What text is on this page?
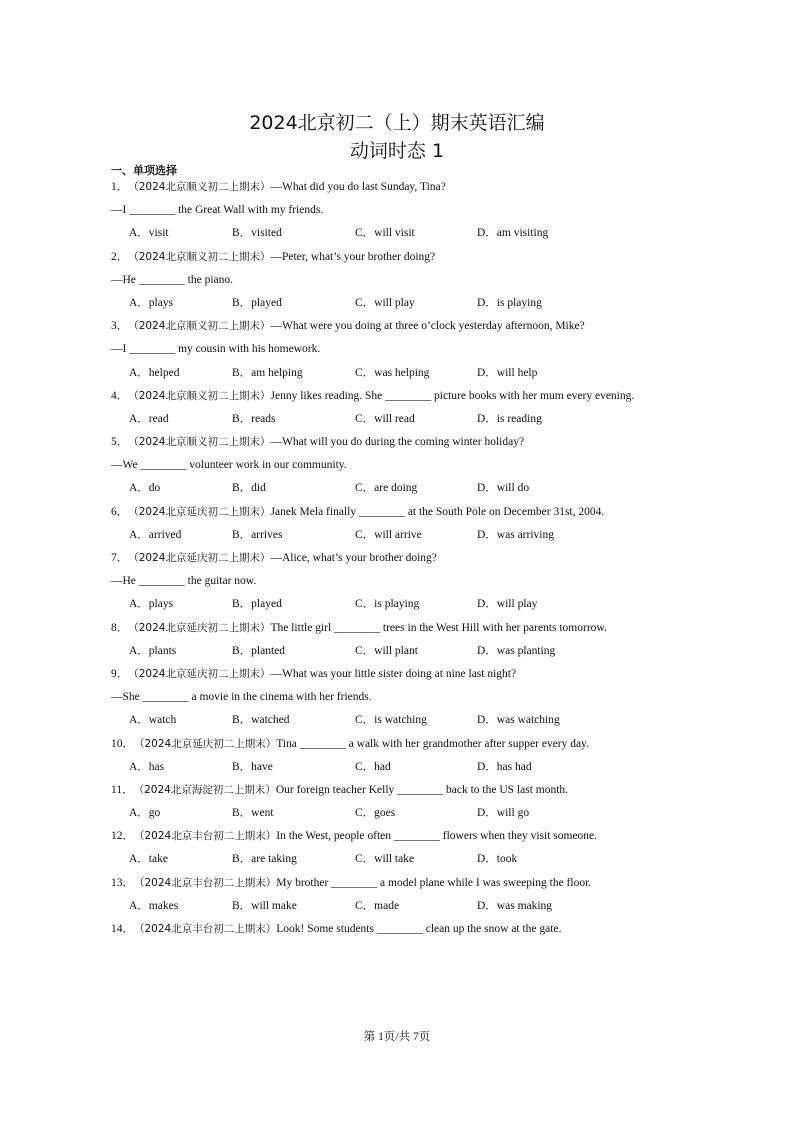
2024北京初二（上）期末英语汇编
动词时态 1
一、单项选择
1．（2024北京顺义初二上期末）—What did you do last Sunday, Tina?
—I ________ the Great Wall with my friends.
A．visit	B．visited	C．will visit	D．am visiting
2．（2024北京顺义初二上期末）—Peter, what’s your brother doing?
—He ________ the piano.
A．plays	B．played	C．will play	D．is playing
3．（2024北京顺义初二上期末）—What were you doing at three o’clock yesterday afternoon, Mike?
—I ________ my cousin with his homework.
A．helped	B．am helping	C．was helping	D．will help
4．（2024北京顺义初二上期末）Jenny likes reading. She ________ picture books with her mum every evening.
A．read	B．reads	C．will read	D．is reading
5．（2024北京顺义初二上期末）—What will you do during the coming winter holiday?
—We ________ volunteer work in our community.
A．do	B．did	C．are doing	D．will do
6．（2024北京延庆初二上期末）Janek Mela finally ________ at the South Pole on December 31st, 2004.
A．arrived	B．arrives	C．will arrive	D．was arriving
7．（2024北京延庆初二上期末）—Alice, what’s your brother doing?
—He ________ the guitar now.
A．plays	B．played	C．is playing	D．will play
8．（2024北京延庆初二上期末）The little girl ________ trees in the West Hill with her parents tomorrow.
A．plants	B．planted	C．will plant	D．was planting
9．（2024北京延庆初二上期末）—What was your little sister doing at nine last night?
—She ________ a movie in the cinema with her friends.
A．watch	B．watched	C．is watching	D．was watching
10．（2024北京延庆初二上期末）Tina ________ a walk with her grandmother after supper every day.
A．has	B．have	C．had	D．has had
11．（2024北京海淀初二上期末）Our foreign teacher Kelly ________ back to the US last month.
A．go	B．went	C．goes	D．will go
12．（2024北京丰台初二上期末）In the West, people often ________ flowers when they visit someone.
A．take	B．are taking	C．will take	D．took
13．（2024北京丰台初二上期末）My brother ________ a model plane while I was sweeping the floor.
A．makes	B．will make	C．made	D．was making
14．（2024北京丰台初二上期末）Look! Some students ________ clean up the snow at the gate.
第 1页/共 7页
